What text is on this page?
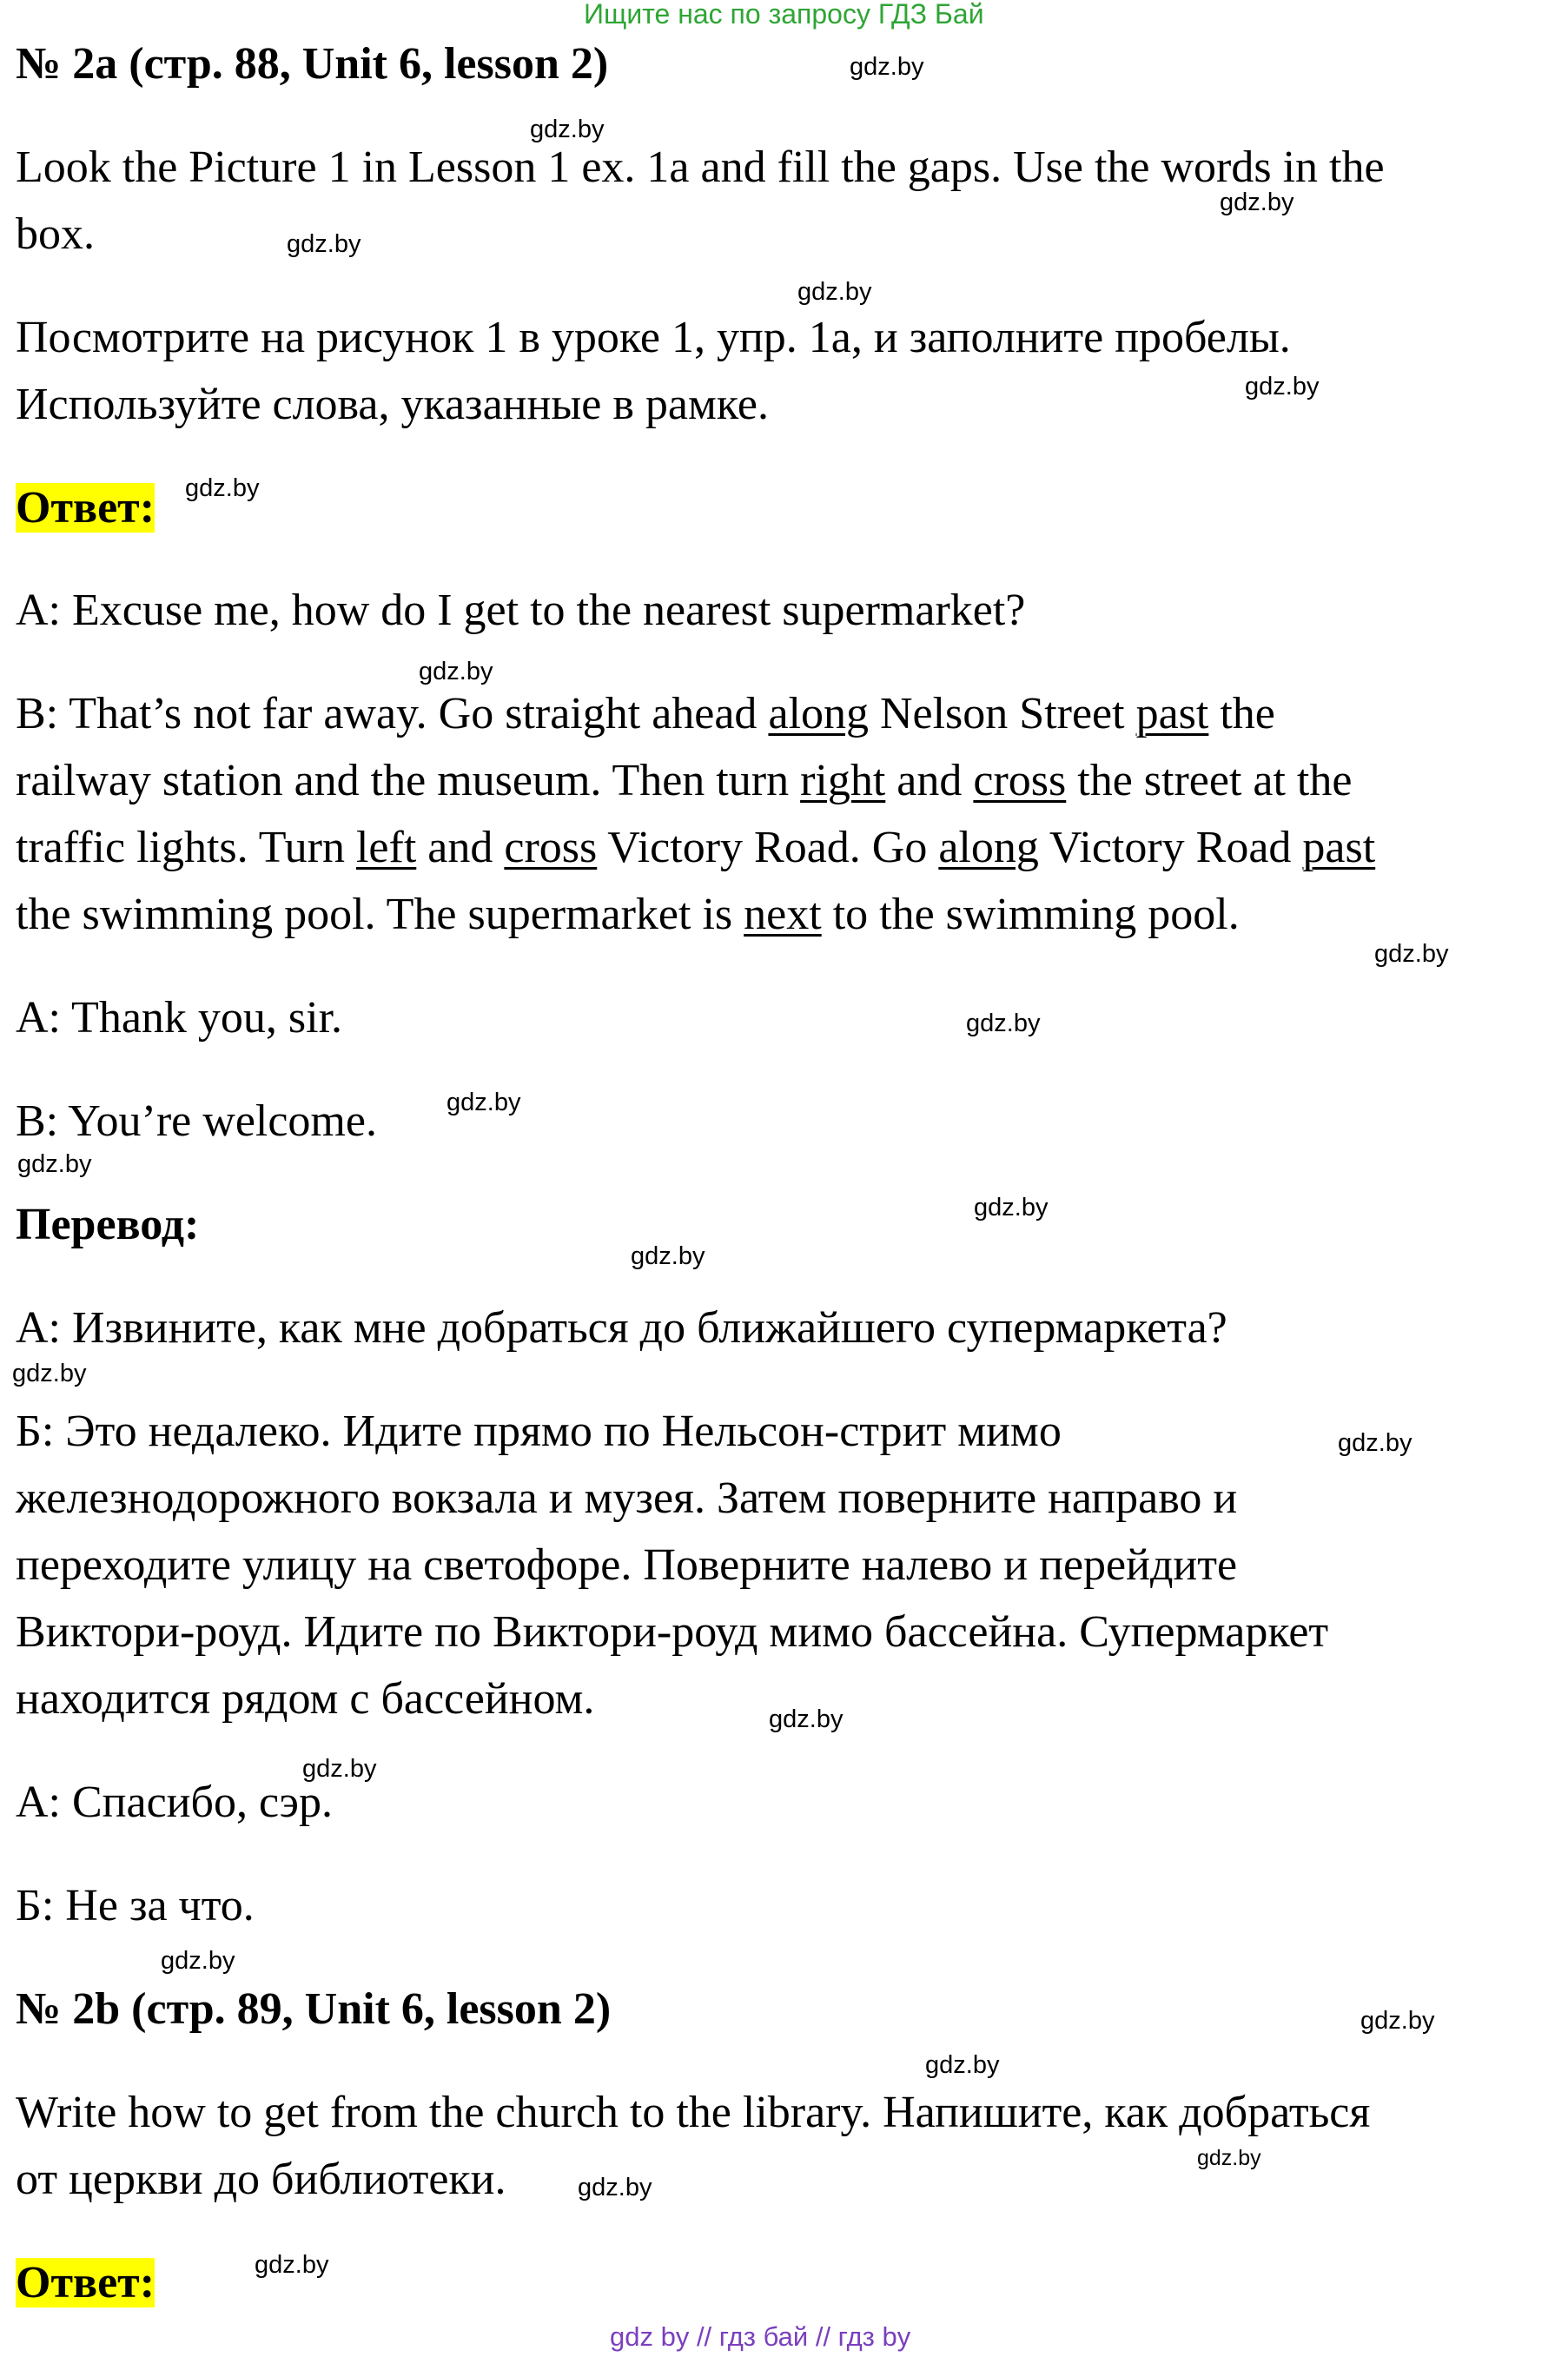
Ищите нас по запросу ГДЗ Бай
№ 2a (стр. 88, Unit 6, lesson 2)
Look the Picture 1 in Lesson 1 ex. 1a and fill the gaps. Use the words in the
box.
Посмотрите на рисунок 1 в уроке 1, упр. 1a, и заполните пробелы.
Используйте слова, указанные в рамке.
Ответ:
A: Excuse me, how do I get to the nearest supermarket?
B: That’s not far away. Go straight ahead along Nelson Street past the
railway station and the museum. Then turn right and cross the street at the
traffic lights. Turn left and cross Victory Road. Go along Victory Road past
the swimming pool. The supermarket is next to the swimming pool.
A: Thank you, sir.
B: You’re welcome.
Перевод:
А: Извините, как мне добраться до ближайшего супермаркета?
Б: Это недалеко. Идите прямо по Нельсон-стрит мимо
железнодорожного вокзала и музея. Затем поверните направо и
переходите улицу на светофоре. Поверните налево и перейдите
Виктори-роуд. Идите по Виктори-роуд мимо бассейна. Супермаркет
находится рядом с бассейном.
А: Спасибо, сэр.
Б: Не за что.
№ 2b (стр. 89, Unit 6, lesson 2)
Write how to get from the church to the library. Напишите, как добраться
от церкви до библиотеки.
Ответ:
gdz.by
gdz.by
gdz.by
gdz.by
gdz.by
gdz.by
gdz.by
gdz.by
gdz.by
gdz.by
gdz.by
gdz.by
gdz.by
gdz.by
gdz.by
gdz.by
gdz.by
gdz.by
gdz.by
gdz.by
gdz.by
gdz.by
gdz.by
gdz.by
gdz by // гдз бай // гдз by
